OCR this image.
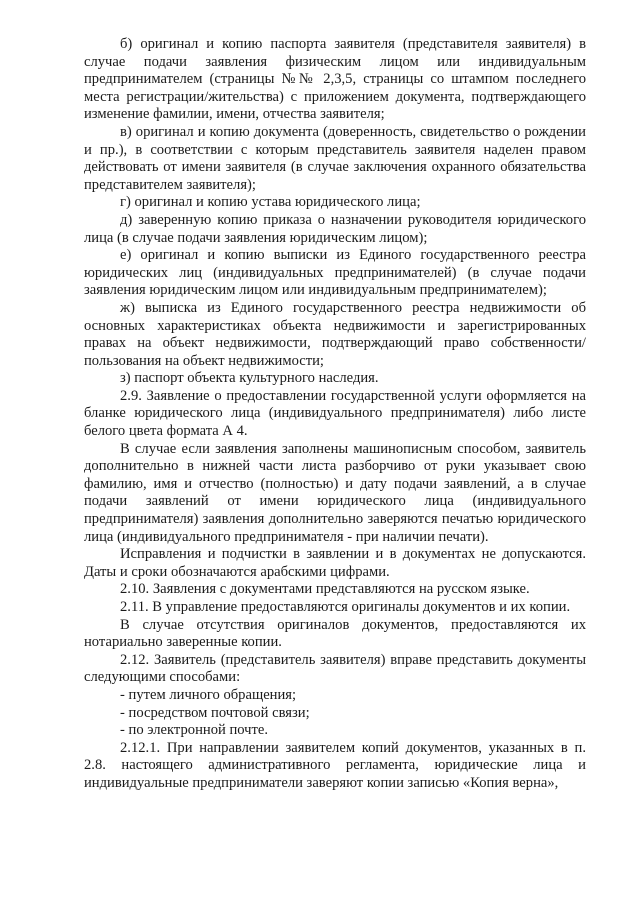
б) оригинал и копию паспорта заявителя (представителя заявителя) в случае подачи заявления физическим лицом или индивидуальным предпринимателем (страницы №№ 2,3,5, страницы со штампом последнего места регистрации/жительства) с приложением документа, подтверждающего изменение фамилии, имени, отчества заявителя;

в) оригинал и копию документа (доверенность, свидетельство о рождении и пр.), в соответствии с которым представитель заявителя наделен правом действовать от имени заявителя (в случае заключения охранного обязательства представителем заявителя);

г) оригинал и копию устава юридического лица;

д) заверенную копию приказа о назначении руководителя юридического лица (в случае подачи заявления юридическим лицом);

е) оригинал и копию выписки из Единого государственного реестра юридических лиц (индивидуальных предпринимателей) (в случае подачи заявления юридическим лицом или индивидуальным предпринимателем);

ж) выписка из Единого государственного реестра недвижимости об основных характеристиках объекта недвижимости и зарегистрированных правах на объект недвижимости, подтверждающий право собственности/пользования на объект недвижимости;

з) паспорт объекта культурного наследия.

2.9. Заявление о предоставлении государственной услуги оформляется на бланке юридического лица (индивидуального предпринимателя) либо листе белого цвета формата А 4.

В случае если заявления заполнены машинописным способом, заявитель дополнительно в нижней части листа разборчиво от руки указывает свою фамилию, имя и отчество (полностью) и дату подачи заявлений, а в случае подачи заявлений от имени юридического лица (индивидуального предпринимателя) заявления дополнительно заверяются печатью юридического лица (индивидуального предпринимателя - при наличии печати).

Исправления и подчистки в заявлении и в документах не допускаются. Даты и сроки обозначаются арабскими цифрами.

2.10. Заявления с документами представляются на русском языке.

2.11. В управление предоставляются оригиналы документов и их копии.

В случае отсутствия оригиналов документов, предоставляются их нотариально заверенные копии.

2.12. Заявитель (представитель заявителя) вправе представить документы следующими способами:

- путем личного обращения;

- посредством почтовой связи;

- по электронной почте.

2.12.1. При направлении заявителем копий документов, указанных в п. 2.8. настоящего административного регламента, юридические лица и индивидуальные предприниматели заверяют копии записью «Копия верна»,
